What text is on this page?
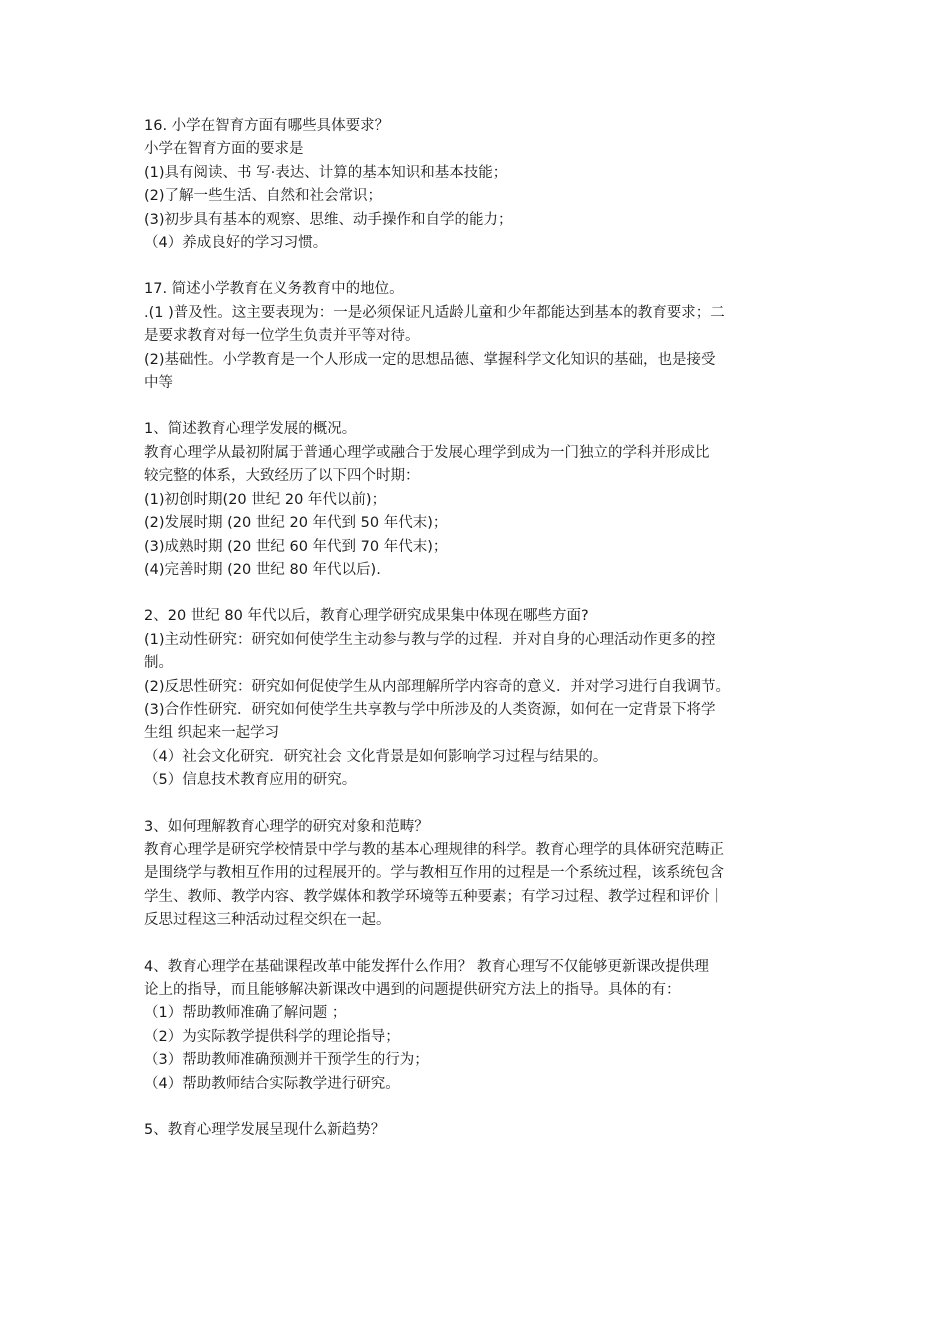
16. 小学在智育方面有哪些具体要求？
小学在智育方面的要求是
(1)具有阅读、书 写·表达、计算的基本知识和基本技能；
(2)了解一些生活、自然和社会常识；
(3)初步具有基本的观察、思维、动手操作和自学的能力；
（4）养成良好的学习习惯。
17. 简述小学教育在义务教育中的地位。
.(1 )普及性。这主要表现为：一是必须保证凡适龄儿童和少年都能达到基本的教育要求；二
是要求教育对每一位学生负责并平等对待。
(2)基础性。小学教育是一个人形成一定的思想品德、掌握科学文化知识的基础，也是接受
中等
1、简述教育心理学发展的概况。
教育心理学从最初附属于普通心理学或融合于发展心理学到成为一门独立的学科并形成比
较完整的体系，大致经历了以下四个时期：
(1)初创时期(20 世纪 20 年代以前)；
(2)发展时期 (20 世纪 20 年代到 50 年代末)；
(3)成熟时期 (20 世纪 60 年代到 70 年代末)；
(4)完善时期 (20 世纪 80 年代以后).
2、20 世纪 80 年代以后，教育心理学研究成果集中体现在哪些方面?
(1)主动性研究：研究如何使学生主动参与教与学的过程．并对自身的心理活动作更多的控
制。
(2)反思性研究：研究如何促使学生从内部理解所学内容奇的意义．并对学习进行自我调节。
(3)合作性研究．研究如何使学生共享教与学中所涉及的人类资源，如何在一定背景下将学
生组 织起来一起学习
（4）社会文化研究．研究社会 文化背景是如何影响学习过程与结果的。
（5）信息技术教育应用的研究。
3、如何理解教育心理学的研究对象和范畴？
教育心理学是研究学校情景中学与教的基本心理规律的科学。教育心理学的具体研究范畴正
是围绕学与教相互作用的过程展开的。学与教相互作用的过程是一个系统过程，该系统包含
学生、教师、教学内容、教学媒体和教学环境等五种要素；有学习过程、教学过程和评价｜
反思过程这三种活动过程交织在一起。
4、教育心理学在基础课程改革中能发挥什么作用？ 教育心理写不仅能够更新课改提供理
论上的指导，而且能够解决新课改中遇到的问题提供研究方法上的指导。具体的有：
（1）帮助教师准确了解问题 ；
（2）为实际教学提供科学的理论指导；
（3）帮助教师准确预测并干预学生的行为；
（4）帮助教师结合实际教学进行研究。
5、教育心理学发展呈现什么新趋势？
